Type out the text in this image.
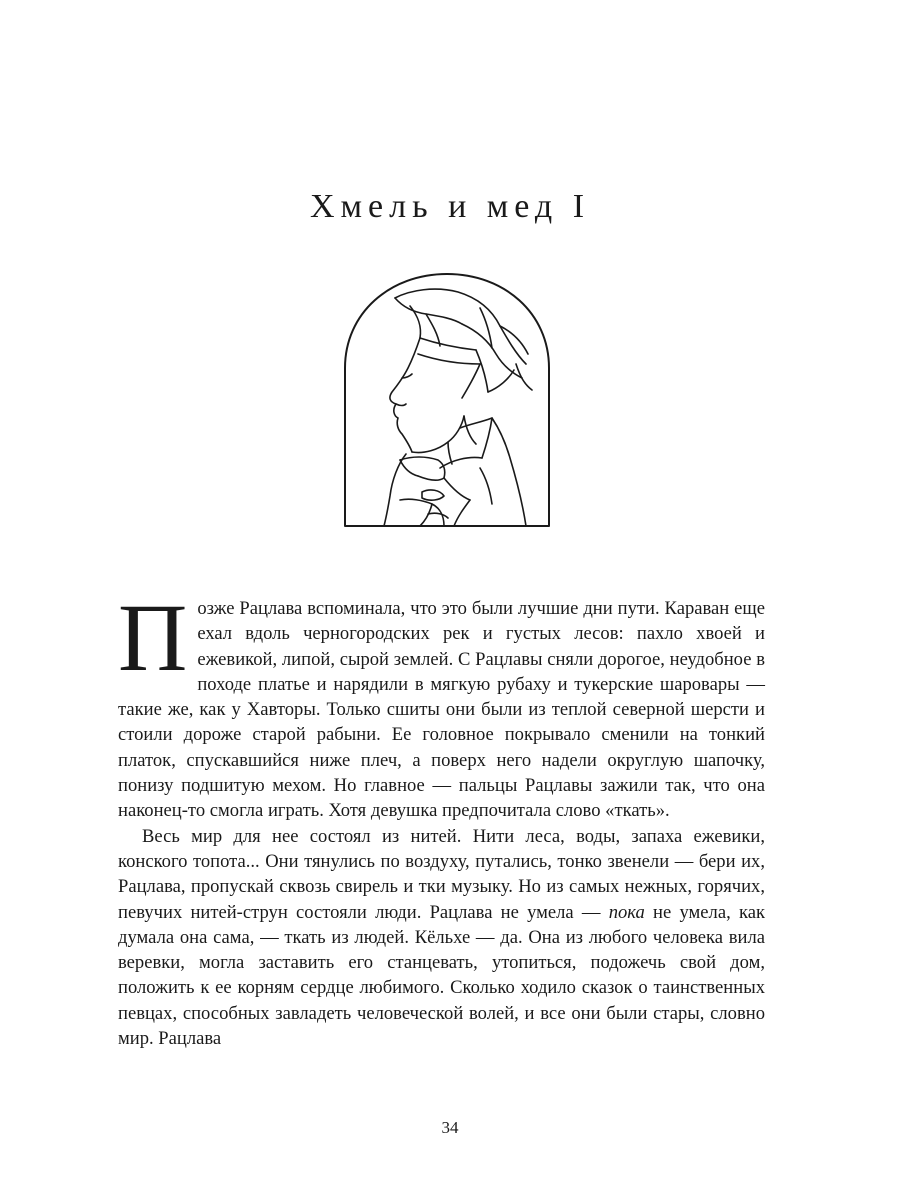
Хмель и мед I

Позже Рацлава вспоминала, что это были лучшие дни пути. Караван еще ехал вдоль черногородских рек и густых лесов: пахло хвоей и ежевикой, липой, сырой землей. С Рацлавы сняли дорогое, неудобное в походе платье и нарядили в мягкую рубаху и тукерские шаровары — такие же, как у Хавторы. Только сшиты они были из теплой северной шерсти и стоили дороже старой рабыни. Ее головное покрывало сменили на тонкий платок, спускавшийся ниже плеч, а поверх него надели округлую шапочку, понизу подшитую мехом. Но главное — пальцы Рацлавы зажили так, что она наконец-то смогла играть. Хотя девушка предпочитала слово «ткать».

Весь мир для нее состоял из нитей. Нити леса, воды, запаха ежевики, конского топота... Они тянулись по воздуху, путались, тонко звенели — бери их, Рацлава, пропускай сквозь свирель и тки музыку. Но из самых нежных, горячих, певучих нитей-струн состояли люди. Рацлава не умела — пока не умела, как думала она сама, — ткать из людей. Кёльхе — да. Она из любого человека вила веревки, могла заставить его станцевать, утопиться, подожечь свой дом, положить к ее корням сердце любимого. Сколько ходило сказок о таинственных певцах, способных завладеть человеческой волей, и все они были стары, словно мир. Рацлава

34
